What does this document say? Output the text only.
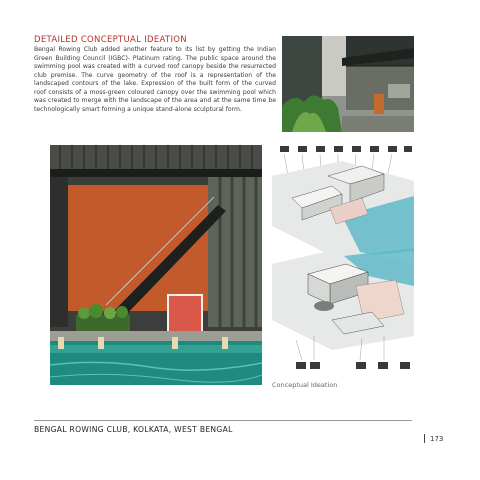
DETAILED CONCEPTUAL IDEATION

Bengal Rowing Club added another feature to its list by getting the Indian Green Building Council (IGBC)- Platinum rating. The public space around the swimming pool was created with a curved roof canopy beside the resurrected club premise. The curve geometry of the roof is a representation of the landscaped contours of the lake. Expression of the built form of the curved roof consists of a moss-green coloured canopy over the swimming pool which was created to merge with the landscape of the area and at the same time be technologically smart forming a unique stand-alone sculptural form.

Conceptual Ideation
BENGAL ROWING CLUB, KOLKATA, WEST BENGAL
173
